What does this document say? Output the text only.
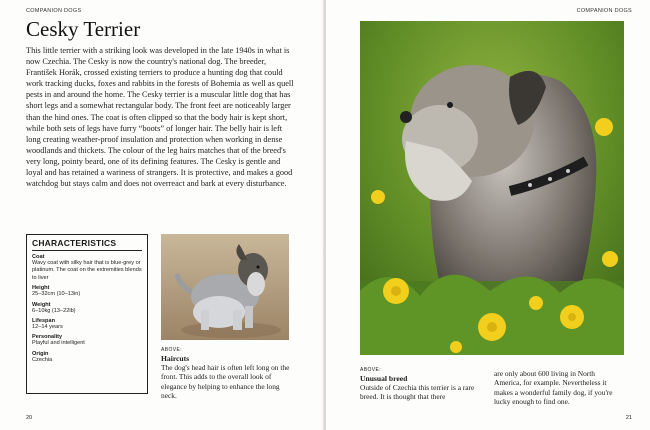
COMPANION DOGS
Cesky Terrier

This little terrier with a striking look was developed in the late 1940s in what is now Czechia. The Cesky is now the country's national dog. The breeder, František Horák, crossed existing terriers to produce a hunting dog that could work tracking ducks, foxes and rabbits in the forests of Bohemia as well as quell pests in and around the home. The Cesky terrier is a muscular little dog that has short legs and a somewhat rectangular body. The front feet are noticeably larger than the hind ones. The coat is often clipped so that the body hair is kept short, while both sets of legs have furry “boots” of longer hair. The belly hair is left long creating weather-proof insulation and protection when working in dense woodlands and thickets. The colour of the leg hairs matches that of the breed's very long, pointy beard, one of its defining features. The Cesky is gentle and loyal and has retained a wariness of strangers. It is protective, and makes a good watchdog but stays calm and does not overreact and bark at every disturbance.

CHARACTERISTICS
Coat
Wavy coat with silky hair that is blue-grey or platinum. The coat on the extremities blends to liver
Height
25–32cm (10–13in)
Weight
6–10kg (13–22lb)
Lifespan
12–14 years
Personality
Playful and intelligent
Origin
Czechia
ABOVE:
Haircuts
The dog's head hair is often left long on the front. This adds to the overall look of elegance by helping to enhance the long neck.
20
COMPANION DOGS
ABOVE:
Unusual breed
Outside of Czechia this terrier is a rare breed. It is thought that there
are only about 600 living in North America, for example. Nevertheless it makes a wonderful family dog, if you're lucky enough to find one.
21
